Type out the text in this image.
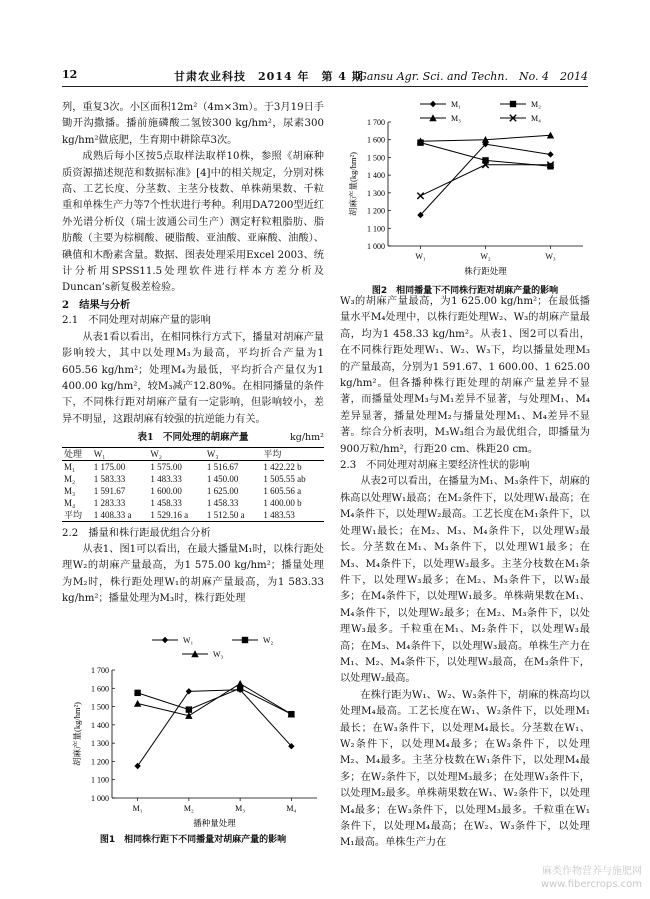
12	甘肃农业科技　2014 年　第 4 期
Gansu Agr. Sci. and Techn.　No. 4　2014

列，重复3次。小区面积12m²（4m×3m）。于3月19日手锄开沟撒播。播前施磷酸二氢铵300 kg/hm²，尿素300 kg/hm²做底肥，生育期中耕除草3次。

成熟后每小区按5点取样法取样10株，参照《胡麻种质资源描述规范和数据标准》[4]中的相关规定，分别对株高、工艺长度、分茎数、主茎分枝数、单株蒴果数、千粒重和单株生产力等7个性状进行考种。利用DA7200型近红外光谱分析仪（瑞士波通公司生产）测定籽粒粗脂肪、脂肪酸（主要为棕榈酸、硬脂酸、亚油酸、亚麻酸、油酸）、碘值和木酚素含量。数据、图表处理采用Excel 2003、统计分析用SPSS11.5处理软件进行样本方差分析及Duncan’s新复极差检验。

2　结果与分析

2.1　不同处理对胡麻产量的影响

从表1看以看出，在相同株行方式下，播量对胡麻产量影响较大，其中以处理M₃为最高，平均折合产量为1 605.56 kg/hm²；处理M₄为最低，平均折合产量仅为1 400.00 kg/hm²，较M₃减产12.80%。在相同播量的条件下，不同株行距对胡麻产量有一定影响，但影响较小，差异不明显，这跟胡麻有较强的抗逆能力有关。

表1　不同处理的胡麻产量	kg/hm²
处理	W₁	W₂	W₃	平均
M₁	1 175.00	1 575.00	1 516.67	1 422.22 b
M₂	1 583.33	1 483.33	1 450.00	1 505.55 ab
M₃	1 591.67	1 600.00	1 625.00	1 605.56 a
M₄	1 283.33	1 458.33	1 458.33	1 400.00 b
平均	1 408.33 a	1 529.16 a	1 512.50 a	1 483.53

2.2　播量和株行距最优组合分析

从表1、图1可以看出，在最大播量M₁时，以株行距处理W₂的胡麻产量最高，为1 575.00 kg/hm²；播量处理为M₂时，株行距处理W₁的胡麻产量最高，为1 583.33 kg/hm²；播量处理为M₃时，株行距处理

1 000
1 100
1 200
1 300
1 400
1 500
1 600
1 700
M₁	M₂	M₃	M₄
播种量处理
胡麻产量(kg/hm²)
W₁	W₂
W₃
图1　相同株行距下不同播量对胡麻产量的影响
1 000
1 100
1 200
1 300
1 400
1 500
1 600
1 700
W₁	W₂	W₃
株行距处理
胡麻产量(kg/hm²)
M₁	M₂
M₃	M₄
图2　相同播量下不同株行距对胡麻产量的影响

W₃的胡麻产量最高，为1 625.00 kg/hm²；在最低播量水平M₄处理中，以株行距处理W₂、W₃的胡麻产量最高，均为1 458.33 kg/hm²。从表1、图2可以看出，在不同株行距处理W₁、W₂、W₃下，均以播量处理M₃的产量最高，分别为1 591.67、1 600.00、1 625.00 kg/hm²。但各播种株行距处理的胡麻产量差异不显著，而播量处理M₃与M₁差异不显著，与处理M₁、M₄差异显著，播量处理M₂与播量处理M₁、M₄差异不显著。综合分析表明，M₃W₃组合为最优组合，即播量为900万粒/hm²，行距20 cm、株距20 cm。

2.3　不同处理对胡麻主要经济性状的影响

从表2可以看出，在播量为M₁、M₃条件下，胡麻的株高以处理W₁最高；在M₂条件下，以处理W₁最高；在M₄条件下，以处理W₂最高。工艺长度在M₁条件下，以处理W₁最长；在M₂、M₃、M₄条件下，以处理W₃最长。分茎数在M₁、M₃条件下，以处理W1最多；在M₃、M₄条件下，以处理W₃最多。主茎分枝数在M₁条件下，以处理W₃最多；在M₂、M₃条件下，以W₃最多；在M₄条件下，以处理W₁最多。单株蒴果数在M₁、M₄条件下，以处理W₂最多；在M₂、M₃条件下，以处理W₃最多。千粒重在M₁、M₂条件下，以处理W₃最高；在M₃、M₄条件下，以处理W₃最高。单株生产力在M₁、M₂、M₄条件下，以处理W₃最高，在M₃条件下，以处理W₂最高。

在株行距为W₁、W₂、W₃条件下，胡麻的株高均以处理M₄最高。工艺长度在W₁、W₂条件下，以处理M₁最长；在W₃条件下，以处理M₄最长。分茎数在W₁、W₂条件下，以处理M₄最多；在W₃条件下，以处理M₂、M₄最多。主茎分枝数在W₁条件下，以处理M₄最多；在W₂条件下，以处理M₃最多；在处理W₃条件下，以处理M₂最多。单株蒴果数在W₁、W₂条件下，以处理M₄最多；在W₃条件下，以处理M₃最多。千粒重在W₁条件下，以处理M₄最高；在W₂、W₃条件下，以处理M₁最高。单株生产力在

麻类作物营养与施肥网
www.fibercrops.com
